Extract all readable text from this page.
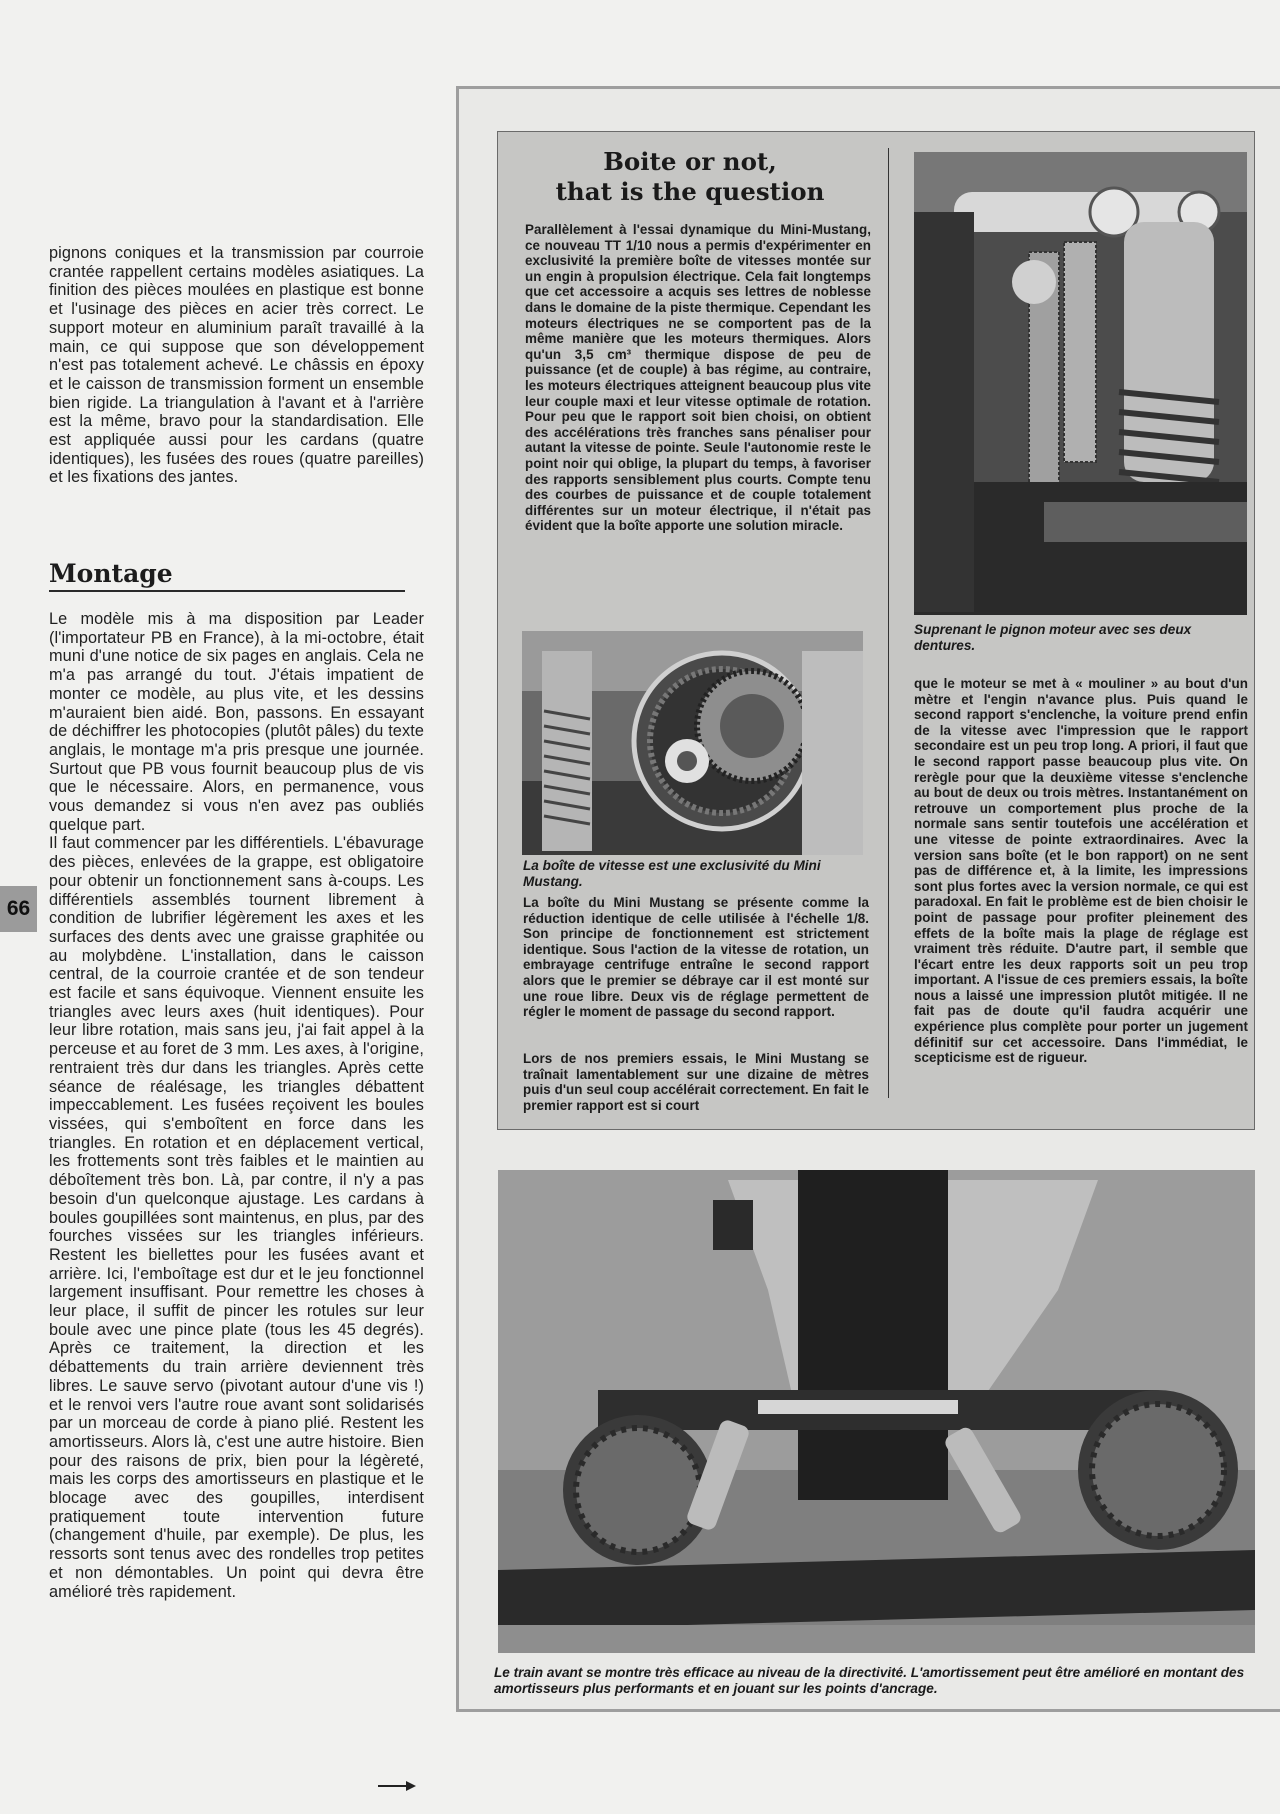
pignons coniques et la transmission par courroie crantée rappellent certains modèles asiatiques. La finition des pièces moulées en plastique est bonne et l'usinage des pièces en acier très correct. Le support moteur en aluminium paraît travaillé à la main, ce qui suppose que son développement n'est pas totalement achevé. Le châssis en époxy et le caisson de transmission forment un ensemble bien rigide. La triangulation à l'avant et à l'arrière est la même, bravo pour la standardisation. Elle est appliquée aussi pour les cardans (quatre identiques), les fusées des roues (quatre pareilles) et les fixations des jantes.

Montage

Le modèle mis à ma disposition par Leader (l'importateur PB en France), à la mi-octobre, était muni d'une notice de six pages en anglais. Cela ne m'a pas arrangé du tout. J'étais impatient de monter ce modèle, au plus vite, et les dessins m'auraient bien aidé. Bon, passons. En essayant de déchiffrer les photocopies (plutôt pâles) du texte anglais, le montage m'a pris presque une journée. Surtout que PB vous fournit beaucoup plus de vis que le nécessaire. Alors, en permanence, vous vous demandez si vous n'en avez pas oubliés quelque part.

Il faut commencer par les différentiels. L'ébavurage des pièces, enlevées de la grappe, est obligatoire pour obtenir un fonctionnement sans à-coups. Les différentiels assemblés tournent librement à condition de lubrifier légèrement les axes et les surfaces des dents avec une graisse graphitée ou au molybdène. L'installation, dans le caisson central, de la courroie crantée et de son tendeur est facile et sans équivoque. Viennent ensuite les triangles avec leurs axes (huit identiques). Pour leur libre rotation, mais sans jeu, j'ai fait appel à la perceuse et au foret de 3 mm. Les axes, à l'origine, rentraient très dur dans les triangles. Après cette séance de réalésage, les triangles débattent impeccablement. Les fusées reçoivent les boules vissées, qui s'emboîtent en force dans les triangles. En rotation et en déplacement vertical, les frottements sont très faibles et le maintien au déboîtement très bon. Là, par contre, il n'y a pas besoin d'un quelconque ajustage. Les cardans à boules goupillées sont maintenus, en plus, par des fourches vissées sur les triangles inférieurs. Restent les biellettes pour les fusées avant et arrière. Ici, l'emboîtage est dur et le jeu fonctionnel largement insuffisant. Pour remettre les choses à leur place, il suffit de pincer les rotules sur leur boule avec une pince plate (tous les 45 degrés). Après ce traitement, la direction et les débattements du train arrière deviennent très libres. Le sauve servo (pivotant autour d'une vis !) et le renvoi vers l'autre roue avant sont solidarisés par un morceau de corde à piano plié. Restent les amortisseurs. Alors là, c'est une autre histoire. Bien pour des raisons de prix, bien pour la légèreté, mais les corps des amortisseurs en plastique et le blocage avec des goupilles, interdisent pratiquement toute intervention future (changement d'huile, par exemple). De plus, les ressorts sont tenus avec des rondelles trop petites et non démontables. Un point qui devra être amélioré très rapidement.

66
Boite or not,
that is the question
Parallèlement à l'essai dynamique du Mini-Mustang, ce nouveau TT 1/10 nous a permis d'expérimenter en exclusivité la première boîte de vitesses montée sur un engin à propulsion électrique. Cela fait longtemps que cet accessoire a acquis ses lettres de noblesse dans le domaine de la piste thermique. Cependant les moteurs électriques ne se comportent pas de la même manière que les moteurs thermiques. Alors qu'un 3,5 cm³ thermique dispose de peu de puissance (et de couple) à bas régime, au contraire, les moteurs électriques atteignent beaucoup plus vite leur couple maxi et leur vitesse optimale de rotation. Pour peu que le rapport soit bien choisi, on obtient des accélérations très franches sans pénaliser pour autant la vitesse de pointe. Seule l'autonomie reste le point noir qui oblige, la plupart du temps, à favoriser des rapports sensiblement plus courts. Compte tenu des courbes de puissance et de couple totalement différentes sur un moteur électrique, il n'était pas évident que la boîte apporte une solution miracle.
La boîte de vitesse est une exclusivité du Mini Mustang.
La boîte du Mini Mustang se présente comme la réduction identique de celle utilisée à l'échelle 1/8. Son principe de fonctionnement est strictement identique. Sous l'action de la vitesse de rotation, un embrayage centrifuge entraîne le second rapport alors que le premier se débraye car il est monté sur une roue libre. Deux vis de réglage permettent de régler le moment de passage du second rapport.
Lors de nos premiers essais, le Mini Mustang se traînait lamentablement sur une dizaine de mètres puis d'un seul coup accélérait correctement. En fait le premier rapport est si court
Suprenant le pignon moteur avec ses deux dentures.
que le moteur se met à « mouliner » au bout d'un mètre et l'engin n'avance plus. Puis quand le second rapport s'enclenche, la voiture prend enfin de la vitesse avec l'impression que le rapport secondaire est un peu trop long. A priori, il faut que le second rapport passe beaucoup plus vite. On rerègle pour que la deuxième vitesse s'enclenche au bout de deux ou trois mètres. Instantanément on retrouve un comportement plus proche de la normale sans sentir toutefois une accélération et une vitesse de pointe extraordinaires. Avec la version sans boîte (et le bon rapport) on ne sent pas de différence et, à la limite, les impressions sont plus fortes avec la version normale, ce qui est paradoxal. En fait le problème est de bien choisir le point de passage pour profiter pleinement des effets de la boîte mais la plage de réglage est vraiment très réduite. D'autre part, il semble que l'écart entre les deux rapports soit un peu trop important. A l'issue de ces premiers essais, la boîte nous a laissé une impression plutôt mitigée. Il ne fait pas de doute qu'il faudra acquérir une expérience plus complète pour porter un jugement définitif sur cet accessoire. Dans l'immédiat, le scepticisme est de rigueur.
Le train avant se montre très efficace au niveau de la directivité. L'amortissement peut être amélioré en montant des amortisseurs plus performants et en jouant sur les points d'ancrage.
